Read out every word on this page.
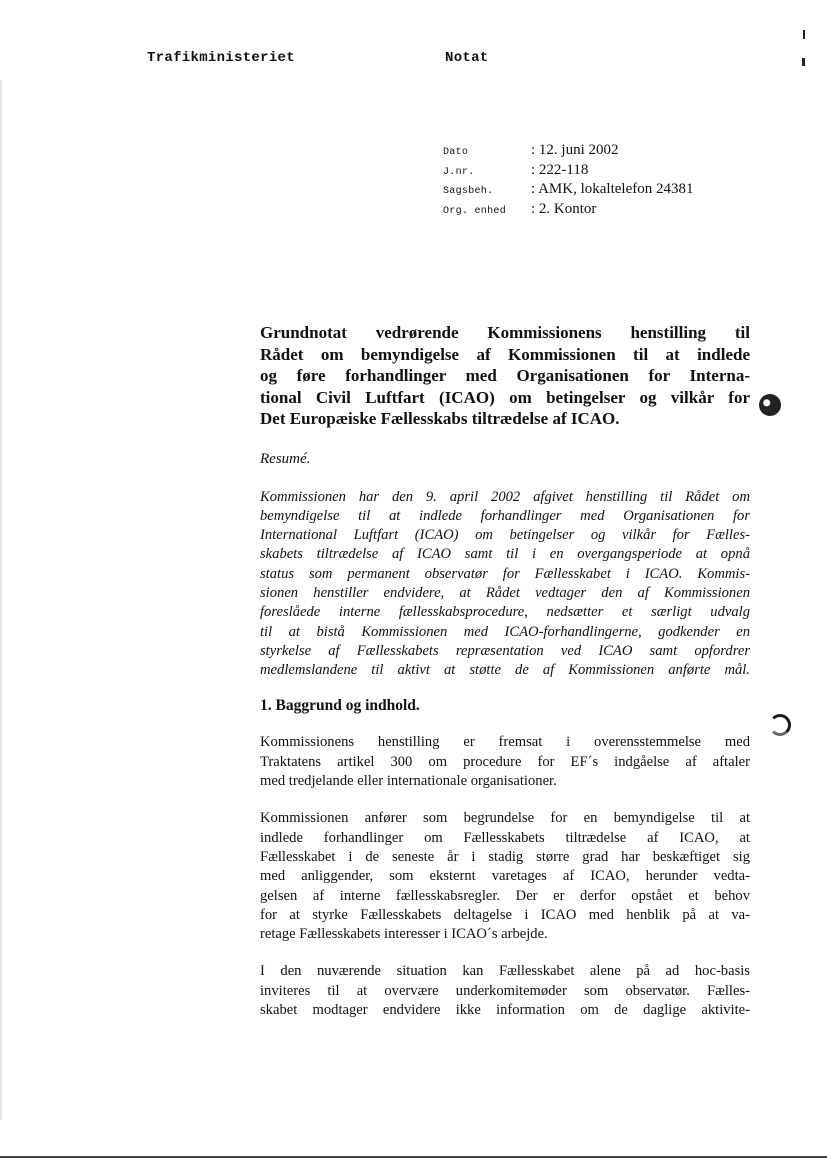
Trafikministeriet	Notat
Dato	: 12. juni 2002
J.nr.	: 222-118
Sagsbeh.	: AMK, lokaltelefon 24381
Org. enhed	: 2. Kontor
Grundnotat vedrørende Kommissionens henstilling til
Rådet om bemyndigelse af Kommissionen til at indlede
og føre forhandlinger med Organisationen for Interna-
tional Civil Luftfart (ICAO) om betingelser og vilkår for
Det Europæiske Fællesskabs tiltrædelse af ICAO.

Resumé.

Kommissionen har den 9. april 2002 afgivet henstilling til Rådet om
bemyndigelse til at indlede forhandlinger med Organisationen for
International Luftfart (ICAO) om betingelser og vilkår for Fælles-
skabets tiltrædelse af ICAO samt til i en overgangsperiode at opnå
status som permanent observatør for Fællesskabet i ICAO. Kommis-
sionen henstiller endvidere, at Rådet vedtager den af Kommissionen
foreslåede interne fællesskabsprocedure, nedsætter et særligt udvalg
til at bistå Kommissionen med ICAO-forhandlingerne, godkender en
styrkelse af Fællesskabets repræsentation ved ICAO samt opfordrer
medlemslandene til aktivt at støtte de af Kommissionen anførte mål.

1. Baggrund og indhold.

Kommissionens henstilling er fremsat i overensstemmelse med
Traktatens artikel 300 om procedure for EF´s indgåelse af aftaler
med tredjelande eller internationale organisationer.

Kommissionen anfører som begrundelse for en bemyndigelse til at
indlede forhandlinger om Fællesskabets tiltrædelse af ICAO, at
Fællesskabet i de seneste år i stadig større grad har beskæftiget sig
med anliggender, som eksternt varetages af ICAO, herunder vedta-
gelsen af interne fællesskabsregler. Der er derfor opstået et behov
for at styrke Fællesskabets deltagelse i ICAO med henblik på at va-
retage Fællesskabets interesser i ICAO´s arbejde.

I den nuværende situation kan Fællesskabet alene på ad hoc-basis
inviteres til at overvære underkomitemøder som observatør. Fælles-
skabet modtager endvidere ikke information om de daglige aktivite-
